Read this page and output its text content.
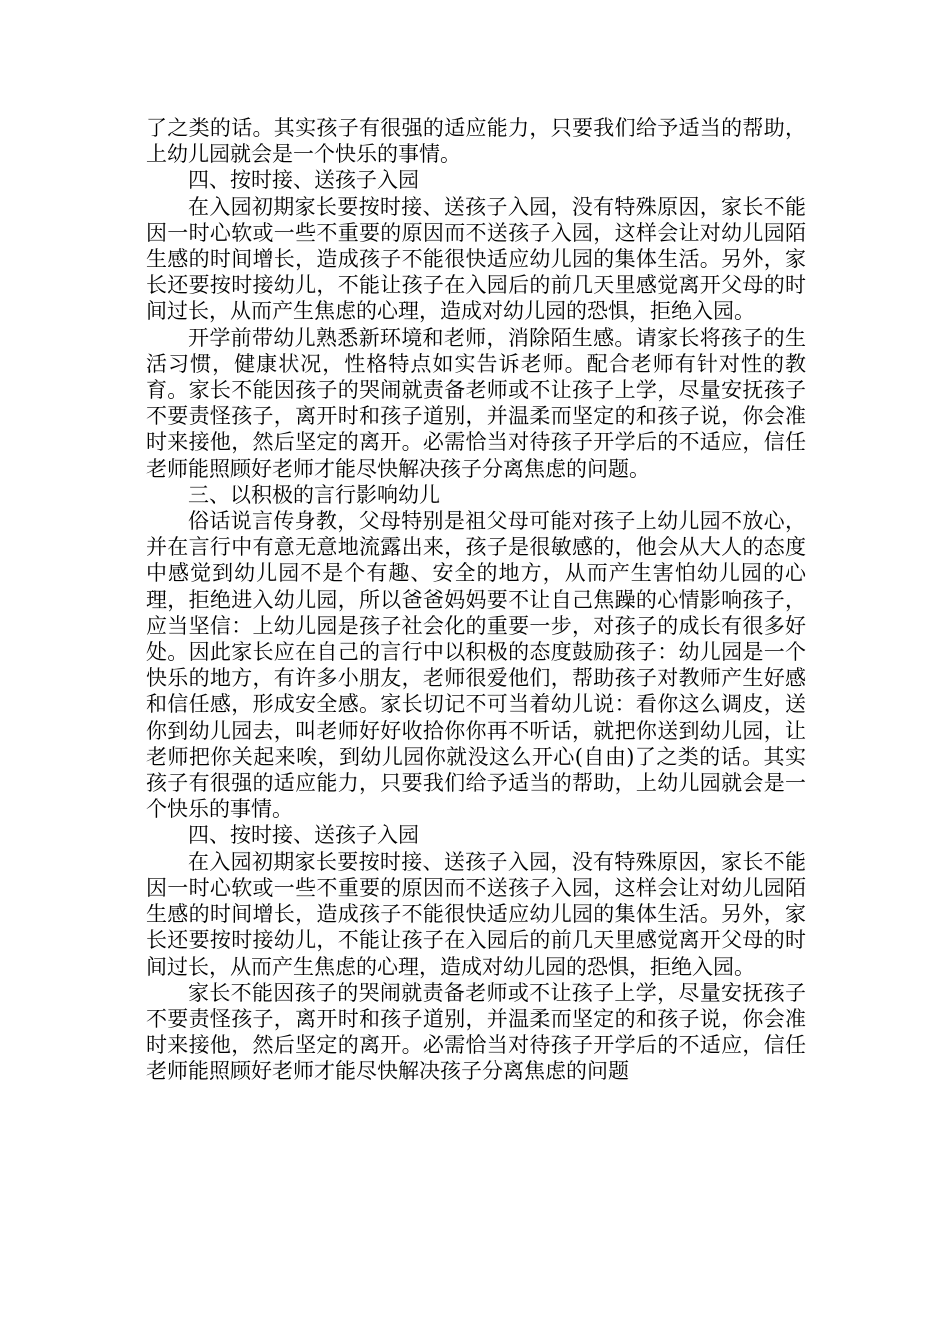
了之类的话。其实孩子有很强的适应能力，只要我们给予适当的帮助，上幼儿园就会是一个快乐的事情。

四、按时接、送孩子入园

在入园初期家长要按时接、送孩子入园，没有特殊原因，家长不能因一时心软或一些不重要的原因而不送孩子入园，这样会让对幼儿园陌生感的时间增长，造成孩子不能很快适应幼儿园的集体生活。另外，家长还要按时接幼儿，不能让孩子在入园后的前几天里感觉离开父母的时间过长，从而产生焦虑的心理，造成对幼儿园的恐惧，拒绝入园。

开学前带幼儿熟悉新环境和老师，消除陌生感。请家长将孩子的生活习惯，健康状况，性格特点如实告诉老师。配合老师有针对性的教育。家长不能因孩子的哭闹就责备老师或不让孩子上学，尽量安抚孩子不要责怪孩子，离开时和孩子道别，并温柔而坚定的和孩子说，你会准时来接他，然后坚定的离开。必需恰当对待孩子开学后的不适应，信任老师能照顾好老师才能尽快解决孩子分离焦虑的问题。

三、以积极的言行影响幼儿

俗话说言传身教，父母特别是祖父母可能对孩子上幼儿园不放心，并在言行中有意无意地流露出来，孩子是很敏感的，他会从大人的态度中感觉到幼儿园不是个有趣、安全的地方，从而产生害怕幼儿园的心理，拒绝进入幼儿园，所以爸爸妈妈要不让自己焦躁的心情影响孩子，应当坚信：上幼儿园是孩子社会化的重要一步，对孩子的成长有很多好处。因此家长应在自己的言行中以积极的态度鼓励孩子：幼儿园是一个快乐的地方，有许多小朋友，老师很爱他们，帮助孩子对教师产生好感和信任感，形成安全感。家长切记不可当着幼儿说：看你这么调皮，送你到幼儿园去，叫老师好好收拾你你再不听话，就把你送到幼儿园，让老师把你关起来唉，到幼儿园你就没这么开心(自由)了之类的话。其实孩子有很强的适应能力，只要我们给予适当的帮助，上幼儿园就会是一个快乐的事情。

四、按时接、送孩子入园

在入园初期家长要按时接、送孩子入园，没有特殊原因，家长不能因一时心软或一些不重要的原因而不送孩子入园，这样会让对幼儿园陌生感的时间增长，造成孩子不能很快适应幼儿园的集体生活。另外，家长还要按时接幼儿，不能让孩子在入园后的前几天里感觉离开父母的时间过长，从而产生焦虑的心理，造成对幼儿园的恐惧，拒绝入园。

家长不能因孩子的哭闹就责备老师或不让孩子上学，尽量安抚孩子不要责怪孩子，离开时和孩子道别，并温柔而坚定的和孩子说，你会准时来接他，然后坚定的离开。必需恰当对待孩子开学后的不适应，信任老师能照顾好老师才能尽快解决孩子分离焦虑的问题
